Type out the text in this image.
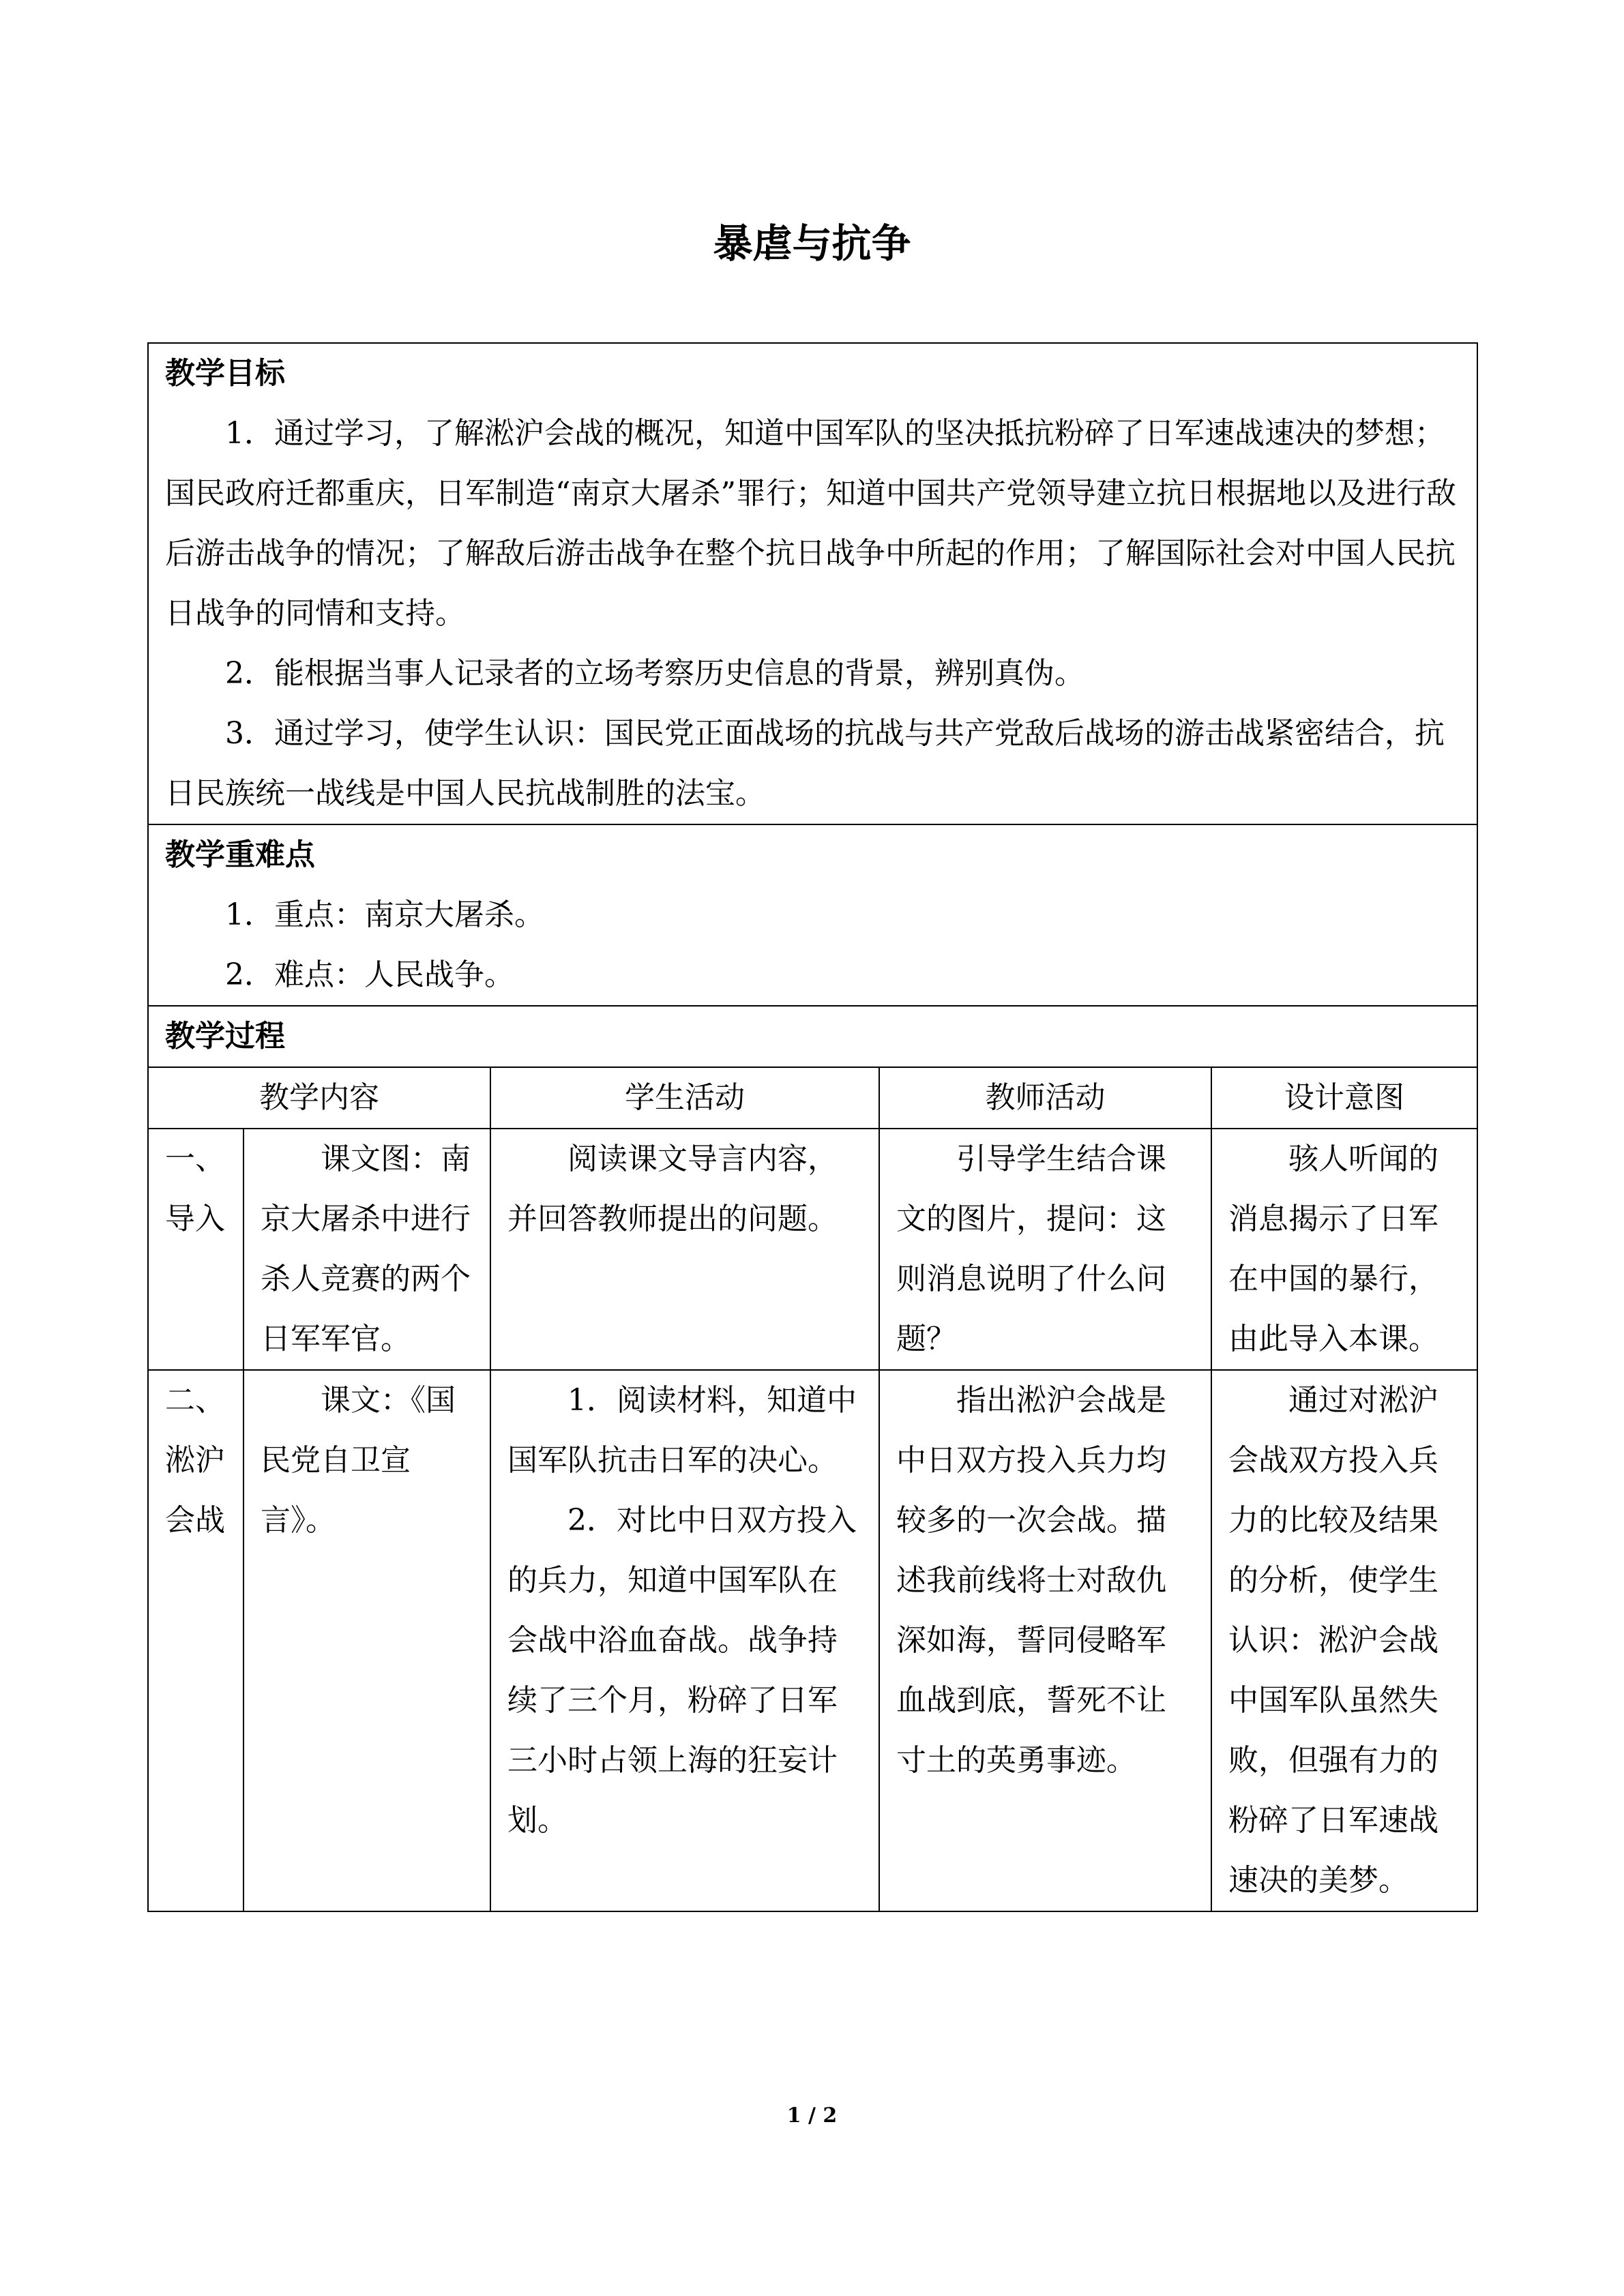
暴虐与抗争
教学目标

1．通过学习，了解淞沪会战的概况，知道中国军队的坚决抵抗粉碎了日军速战速决的梦想；国民政府迁都重庆，日军制造“南京大屠杀”罪行；知道中国共产党领导建立抗日根据地以及进行敌后游击战争的情况；了解敌后游击战争在整个抗日战争中所起的作用；了解国际社会对中国人民抗日战争的同情和支持。

2．能根据当事人记录者的立场考察历史信息的背景，辨别真伪。

3．通过学习，使学生认识：国民党正面战场的抗战与共产党敌后战场的游击战紧密结合，抗日民族统一战线是中国人民抗战制胜的法宝。				

教学重难点

1．重点：南京大屠杀。

2．难点：人民战争。				

教学过程				

教学内容		学生活动	教师活动	设计意图
一、导入	课文图：南京大屠杀中进行杀人竞赛的两个日军军官。	阅读课文导言内容，并回答教师提出的问题。	引导学生结合课文的图片，提问：这则消息说明了什么问题？	骇人听闻的消息揭示了日军在中国的暴行，由此导入本课。

二、淞沪会战	课文：《国民党自卫宣言》。	1．阅读材料，知道中国军队抗击日军的决心。
2．对比中日双方投入的兵力，知道中国军队在会战中浴血奋战。战争持续了三个月，粉碎了日军三小时占领上海的狂妄计划。	指出淞沪会战是中日双方投入兵力均较多的一次会战。描述我前线将士对敌仇深如海，誓同侵略军血战到底，誓死不让寸土的英勇事迹。	通过对淞沪会战双方投入兵力的比较及结果的分析，使学生认识：淞沪会战中国军队虽然失败，但强有力的粉碎了日军速战速决的美梦。
1 / 2
